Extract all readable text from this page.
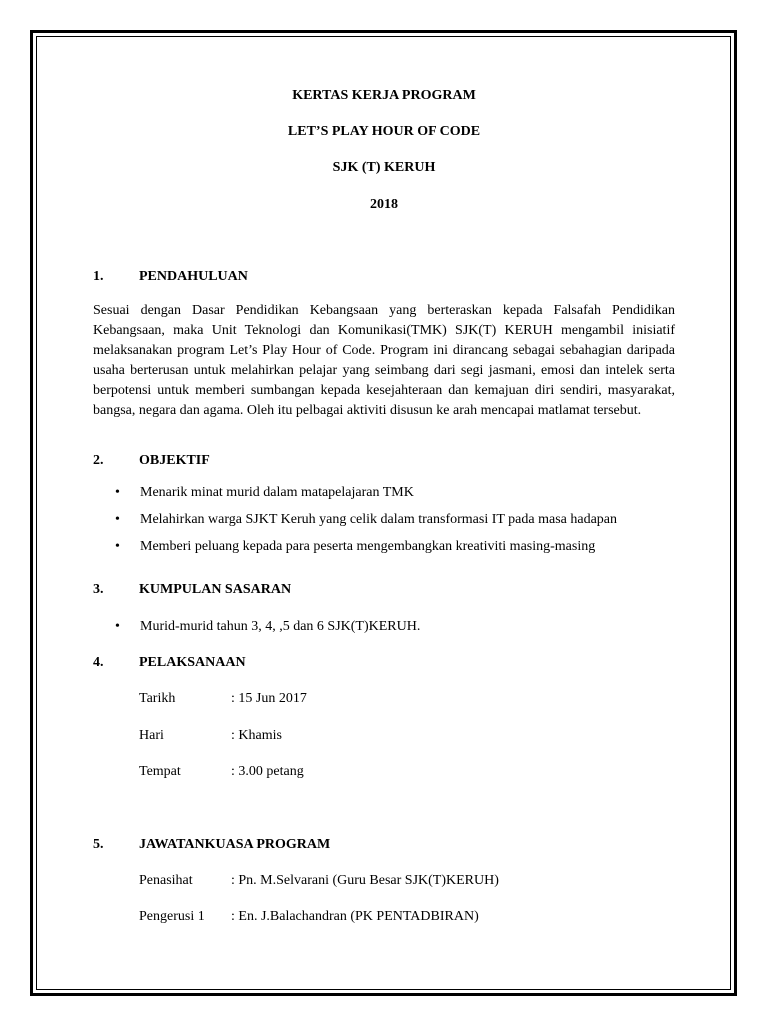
KERTAS KERJA PROGRAM
LET’S PLAY HOUR OF CODE
SJK (T) KERUH
2018
1.	PENDAHULUAN
Sesuai dengan Dasar Pendidikan Kebangsaan yang berteraskan kepada Falsafah Pendidikan Kebangsaan, maka Unit Teknologi dan Komunikasi(TMK) SJK(T) KERUH mengambil inisiatif melaksanakan program Let’s Play Hour of Code. Program ini dirancang sebagai sebahagian daripada usaha berterusan untuk melahirkan pelajar yang seimbang dari segi jasmani, emosi dan intelek serta berpotensi untuk memberi sumbangan kepada kesejahteraan dan kemajuan diri sendiri, masyarakat, bangsa, negara dan agama. Oleh itu pelbagai aktiviti disusun ke arah mencapai matlamat tersebut.
2.	OBJEKTIF
• Menarik minat murid dalam matapelajaran TMK
• Melahirkan warga SJKT Keruh yang celik dalam transformasi IT pada masa hadapan
• Memberi peluang kepada para peserta mengembangkan kreativiti masing-masing
3.	KUMPULAN SASARAN
• Murid-murid tahun 3, 4, ,5 dan 6 SJK(T)KERUH.
4.	PELAKSANAAN
Tarikh	: 15 Jun 2017
Hari	: Khamis
Tempat	: 3.00 petang
5.	JAWATANKUASA PROGRAM
Penasihat	: Pn. M.Selvarani (Guru Besar SJK(T)KERUH)
Pengerusi 1 : En. J.Balachandran (PK PENTADBIRAN)
